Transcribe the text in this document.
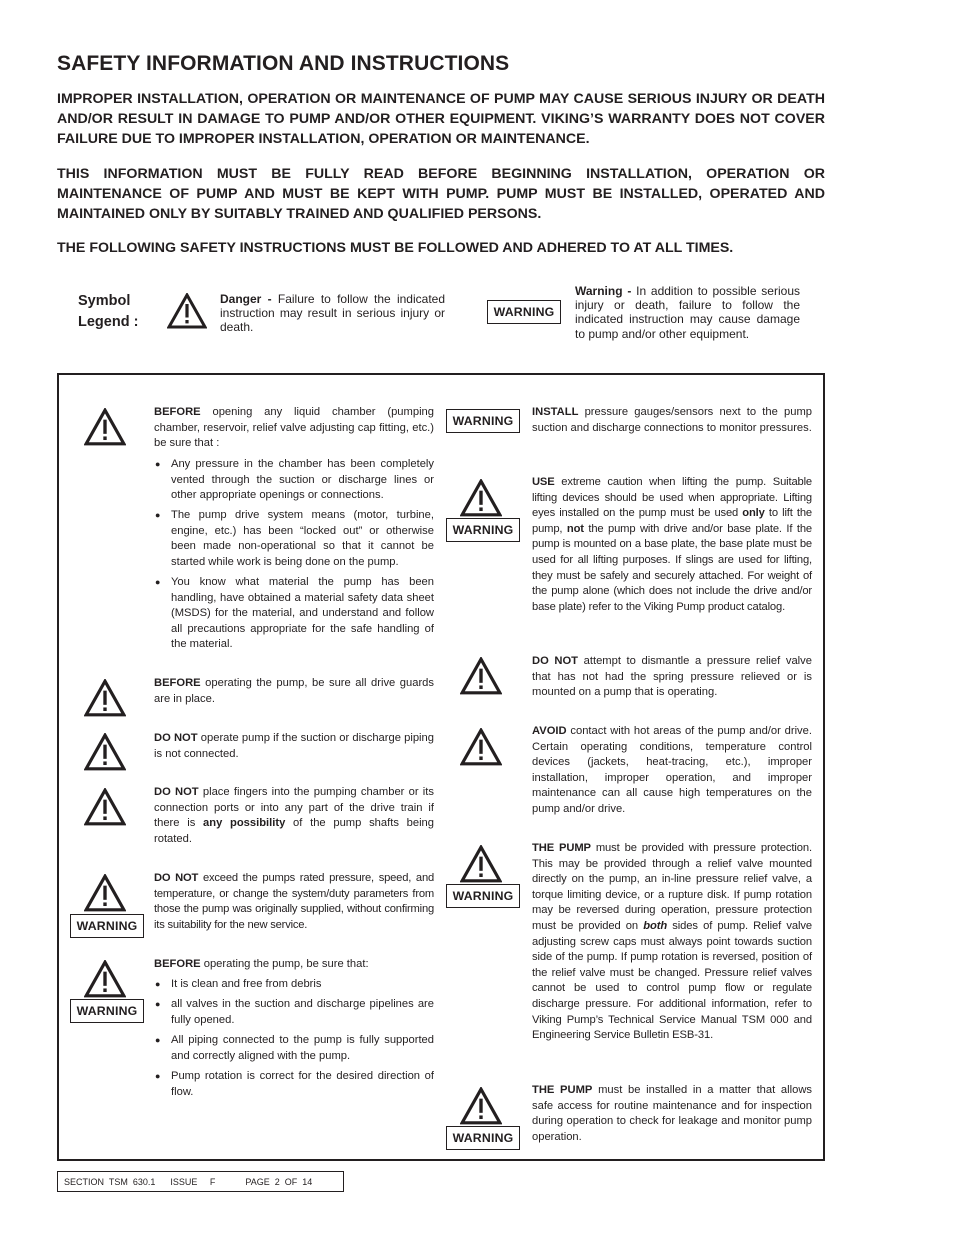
SAFETY INFORMATION AND INSTRUCTIONS

IMPROPER INSTALLATION, OPERATION OR MAINTENANCE OF PUMP MAY CAUSE SERIOUS INJURY OR DEATH AND/OR RESULT IN DAMAGE TO PUMP AND/OR OTHER EQUIPMENT. VIKING’S WARRANTY DOES NOT COVER FAILURE DUE TO IMPROPER INSTALLATION, OPERATION OR MAINTENANCE.

THIS INFORMATION MUST BE FULLY READ BEFORE BEGINNING INSTALLATION, OPERATION OR MAINTENANCE OF PUMP AND MUST BE KEPT WITH PUMP. PUMP MUST BE INSTALLED, OPERATED AND MAINTAINED ONLY BY SUITABLY TRAINED AND QUALIFIED PERSONS.

THE FOLLOWING SAFETY INSTRUCTIONS MUST BE FOLLOWED AND ADHERED TO AT ALL TIMES.

Symbol
Legend :
Danger - Failure to follow the indicated instruction may result in serious injury or death.
WARNING
Warning - In addition to possible serious injury or death, failure to follow the indicated instruction may cause damage to pump and/or other equipment.

BEFORE opening any liquid chamber (pumping chamber, reservoir, relief valve adjusting cap fitting, etc.) be sure that :

● Any pressure in the chamber has been completely vented through the suction or discharge lines or other appropriate openings or connections.
● The pump drive system means (motor, turbine, engine, etc.) has been “locked out” or otherwise been made non-operational so that it cannot be started while work is being done on the pump.
● You know what material the pump has been handling, have obtained a material safety data sheet (MSDS) for the material, and understand and follow all precautions appropriate for the safe handling of the material.

BEFORE operating the pump, be sure all drive guards are in place.

DO NOT operate pump if the suction or discharge piping is not connected.

DO NOT place fingers into the pumping chamber or its connection ports or into any part of the drive train if there is any possibility of the pump shafts being rotated.

WARNING

DO NOT exceed the pumps rated pressure, speed, and temperature, or change the system/duty parameters from those the pump was originally supplied, without confirming its suitability for the new service.

WARNING

BEFORE operating the pump, be sure that:

● It is clean and free from debris
● all valves in the suction and discharge pipelines are fully opened.
● All piping connected to the pump is fully supported and correctly aligned with the pump.
● Pump rotation is correct for the desired direction of flow.
WARNING

INSTALL pressure gauges/sensors next to the pump suction and discharge connections to monitor pressures.

WARNING

USE extreme caution when lifting the pump. Suitable lifting devices should be used when appropriate. Lifting eyes installed on the pump must be used only to lift the pump, not the pump with drive and/or base plate. If the pump is mounted on a base plate, the base plate must be used for all lifting purposes. If slings are used for lifting, they must be safely and securely attached. For weight of the pump alone (which does not include the drive and/or base plate) refer to the Viking Pump product catalog.

DO NOT attempt to dismantle a pressure relief valve that has not had the spring pressure relieved or is mounted on a pump that is operating.

AVOID contact with hot areas of the pump and/or drive. Certain operating conditions, temperature control devices (jackets, heat-tracing, etc.), improper installation, improper operation, and improper maintenance can all cause high temperatures on the pump and/or drive.

WARNING

THE PUMP must be provided with pressure protection. This may be provided through a relief valve mounted directly on the pump, an in-line pressure relief valve, a torque limiting device, or a rupture disk. If pump rotation may be reversed during operation, pressure protection must be provided on both sides of pump. Relief valve adjusting screw caps must always point towards suction side of the pump. If pump rotation is reversed, position of the relief valve must be changed. Pressure relief valves cannot be used to control pump flow or regulate discharge pressure. For additional information, refer to Viking Pump’s Technical Service Manual TSM 000 and Engineering Service Bulletin ESB-31.

WARNING

THE PUMP must be installed in a matter that allows safe access for routine maintenance and for inspection during operation to check for leakage and monitor pump operation.

SECTION  TSM  630.1      ISSUE     F            PAGE  2  OF  14
